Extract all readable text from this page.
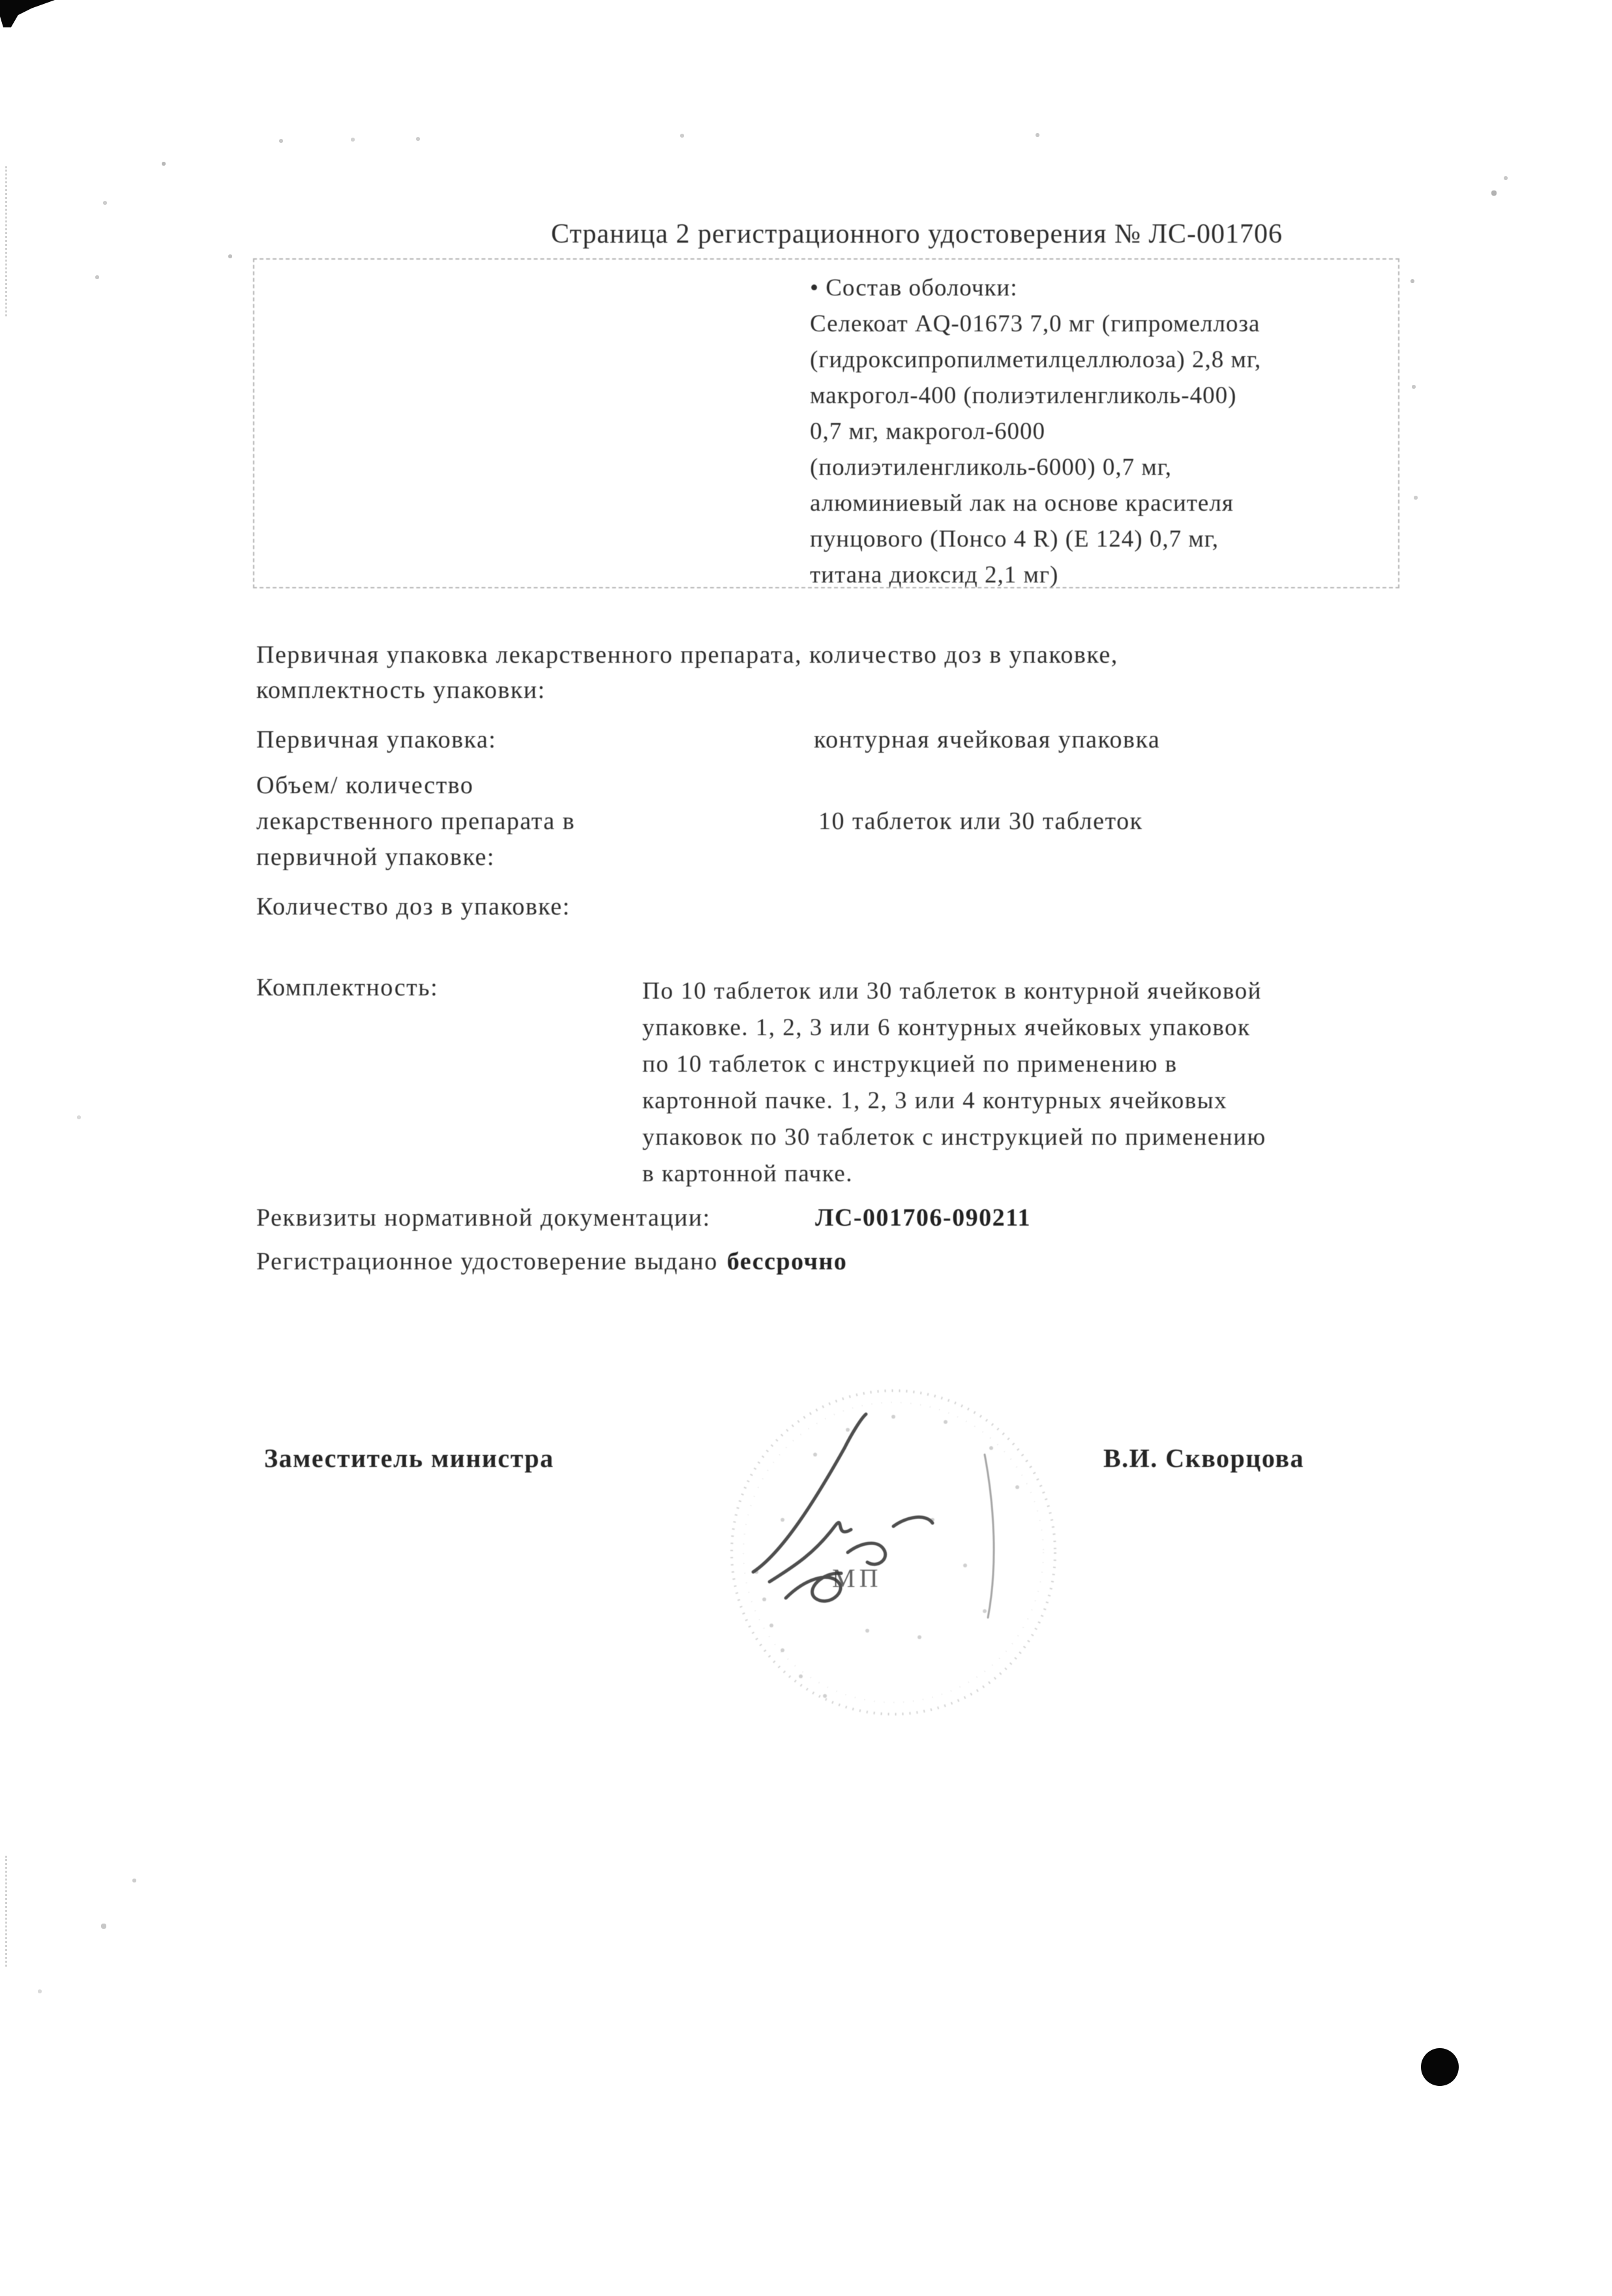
Страница 2 регистрационного удостоверения № ЛС-001706
• Состав оболочки:
Селекоат AQ-01673 7,0 мг (гипромеллоза
(гидроксипропилметилцеллюлоза) 2,8 мг,
макрогол-400 (полиэтиленгликоль-400)
0,7 мг, макрогол-6000
(полиэтиленгликоль-6000) 0,7 мг,
алюминиевый лак на основе красителя
пунцового (Понсо 4 R) (Е 124) 0,7 мг,
титана диоксид 2,1 мг)
Первичная упаковка лекарственного препарата, количество доз в упаковке,
комплектность упаковки:
Первичная упаковка:	контурная ячейковая упаковка
Объем/ количество
лекарственного препарата в
первичной упаковке:
10 таблеток или 30 таблеток
Количество доз в упаковке:
Комплектность:	По 10 таблеток или 30 таблеток в контурной ячейковой
упаковке. 1, 2, 3 или 6 контурных ячейковых упаковок
по 10 таблеток с инструкцией по применению в
картонной пачке. 1, 2, 3 или 4 контурных ячейковых
упаковок по 30 таблеток с инструкцией по применению
в картонной пачке.
Реквизиты нормативной документации:	ЛС-001706-090211
Регистрационное удостоверение выдано бессрочно
Заместитель министра	В.И. Скворцова
МП
